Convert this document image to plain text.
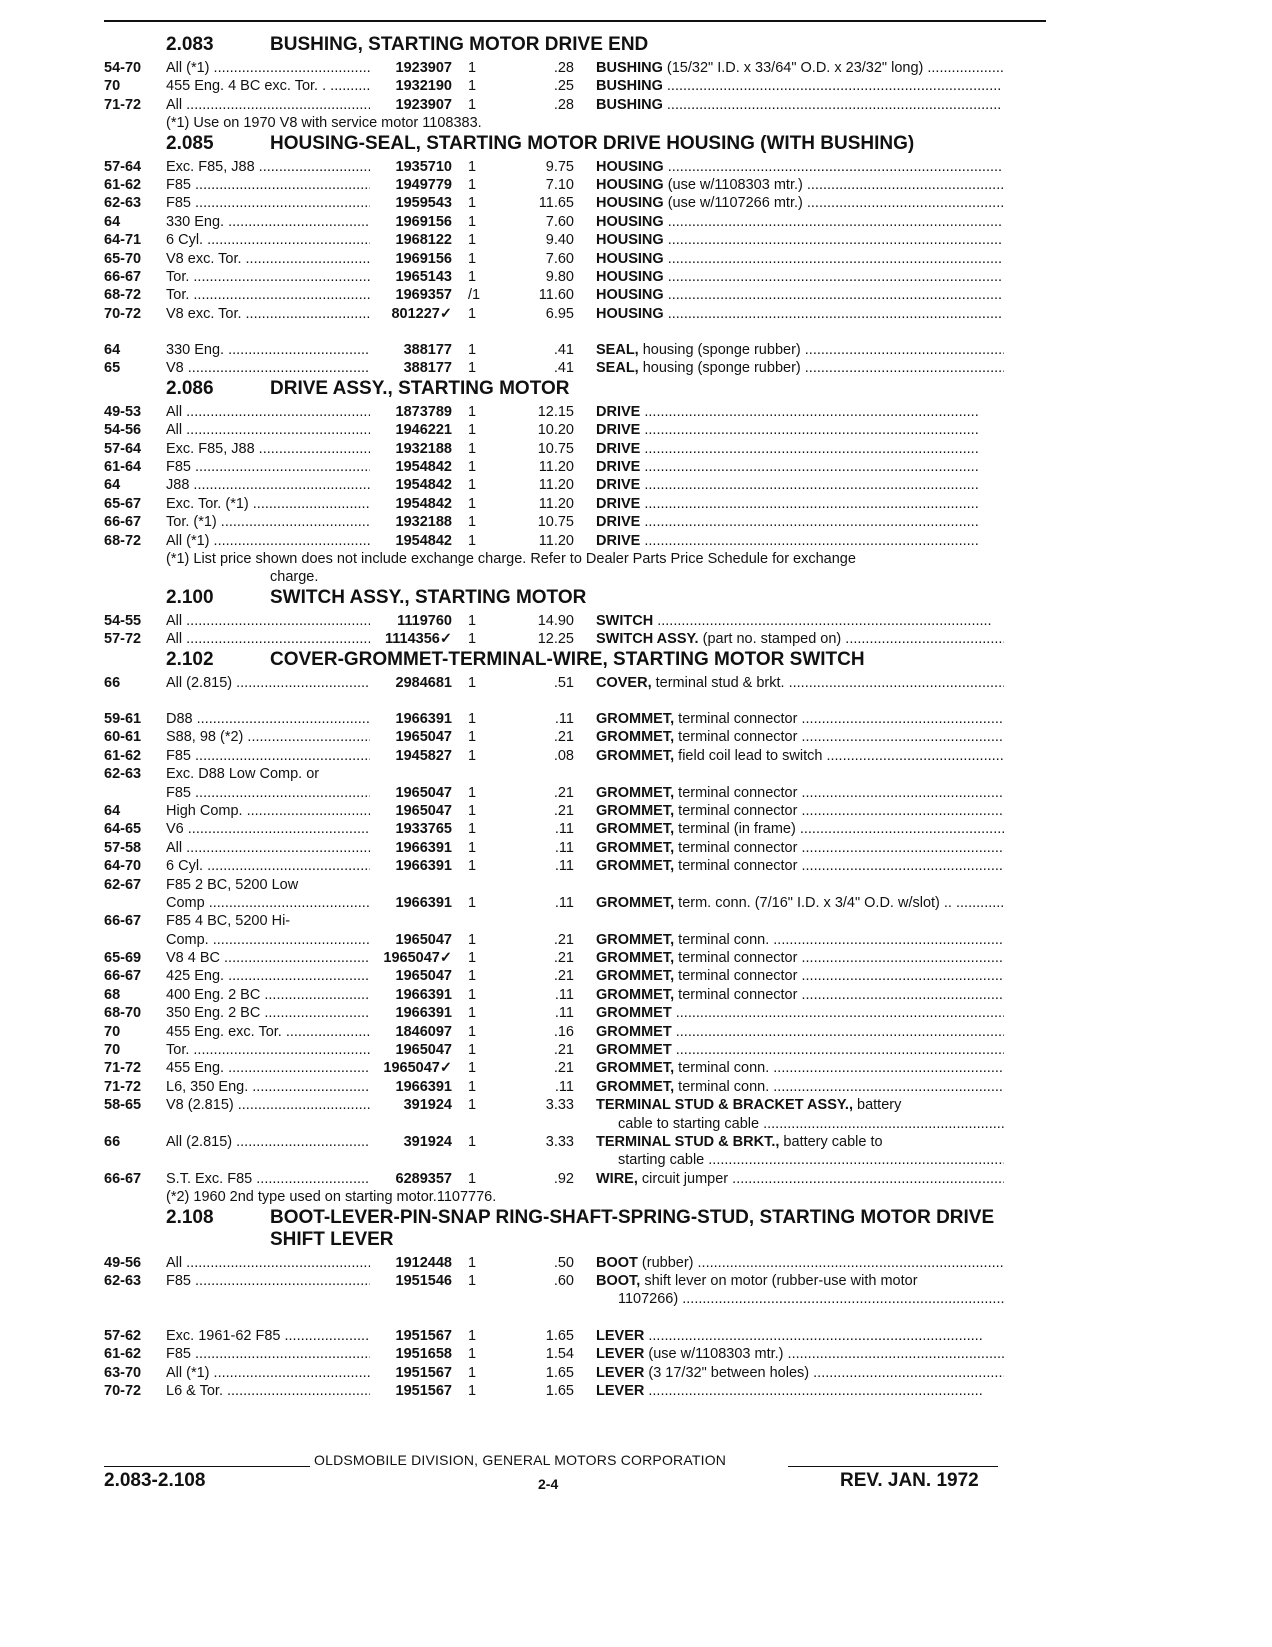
2.083	BUSHING, STARTING MOTOR DRIVE END
54-70 All (*1) .....	1923907 1	.28 BUSHING (15/32" I.D. x 33/64" O.D. x 23/32" long) .....
70	455 Eng. 4 BC exc. Tor. . .....	1932190 1	.25 BUSHING .....
71-72 All .....	1923907 1	.28 BUSHING .....
(*1) Use on 1970 V8 with service motor 1108383.
2.085	HOUSING-SEAL, STARTING MOTOR DRIVE HOUSING (WITH BUSHING)
57-64 Exc. F85, J88 .....	1935710 1	9.75 HOUSING .....
61-62 F85 .....	1949779 1	7.10 HOUSING (use w/1108303 mtr.) .....
62-63 F85 .....	1959543 1	11.65 HOUSING (use w/1107266 mtr.) .....
64	330 Eng. .....	1969156 1	7.60 HOUSING .....
64-71 6 Cyl. .....	1968122 1	9.40 HOUSING .....
65-70 V8 exc. Tor. .....	1969156 1	7.60 HOUSING .....
66-67 Tor. .....	1965143 1	9.80 HOUSING .....
68-72 Tor. .....	1969357 /1	11.60 HOUSING .....
70-72 V8 exc. Tor. .....	801227✓ 1	6.95 HOUSING .....
64	330 Eng. .....	388177 1	.41 SEAL, housing (sponge rubber) .....
65	V8 .....	388177 1	.41 SEAL, housing (sponge rubber) .....
2.086	DRIVE ASSY., STARTING MOTOR
49-53 All .....	1873789 1	12.15 DRIVE .....
54-56 All .....	1946221 1	10.20 DRIVE .....
57-64 Exc. F85, J88 .....	1932188 1	10.75 DRIVE .....
61-64 F85 .....	1954842 1	11.20 DRIVE .....
64	J88 .....	1954842 1	11.20 DRIVE .....
65-67 Exc. Tor. (*1) .....	1954842 1	11.20 DRIVE .....
66-67 Tor. (*1) .....	1932188 1	10.75 DRIVE .....
68-72 All (*1) .....	1954842 1	11.20 DRIVE .....
(*1) List price shown does not include exchange charge. Refer to Dealer Parts Price Schedule for exchange
charge.
2.100	SWITCH ASSY., STARTING MOTOR
54-55 All .....	1119760 1	14.90 SWITCH .....
57-72 All .....	1114356✓ 1	12.25 SWITCH ASSY. (part no. stamped on) .....
2.102	COVER-GROMMET-TERMINAL-WIRE, STARTING MOTOR SWITCH
66	All (2.815) .....	2984681 1	.51 COVER, terminal stud & brkt. .....
59-61 D88 .....	1966391 1	.11 GROMMET, terminal connector .....
60-61 S88, 98 (*2) .....	1965047 1	.21 GROMMET, terminal connector .....
61-62 F85 .....	1945827 1	.08 GROMMET, field coil lead to switch .....
62-63 Exc. D88 Low Comp. or
F85 .....	1965047 1	.21 GROMMET, terminal connector .....
64	High Comp. .....	1965047 1	.21 GROMMET, terminal connector .....
64-65 V6 .....	1933765 1	.11 GROMMET, terminal (in frame) .....
57-58 All .....	1966391 1	.11 GROMMET, terminal connector .....
64-70 6 Cyl. .....	1966391 1	.11 GROMMET, terminal connector .....
62-67 F85 2 BC, 5200 Low
Comp .....	1966391 1	.11 GROMMET, term. conn. (7/16" I.D. x 3/4" O.D. w/slot) .. .....
66-67 F85 4 BC, 5200 Hi-
Comp. .....	1965047 1	.21 GROMMET, terminal conn. .....
65-69 V8 4 BC .....	1965047✓ 1	.21 GROMMET, terminal connector .....
66-67 425 Eng. .....	1965047 1	.21 GROMMET, terminal connector .....
68	400 Eng. 2 BC .....	1966391 1	.11 GROMMET, terminal connector .....
68-70 350 Eng. 2 BC .....	1966391 1	.11 GROMMET .....
70	455 Eng. exc. Tor. .....	1846097 1	.16 GROMMET .....
70	Tor. .....	1965047 1	.21 GROMMET .....
71-72 455 Eng. .....	1965047✓ 1	.21 GROMMET, terminal conn. .....
71-72 L6, 350 Eng. .....	1966391 1	.11 GROMMET, terminal conn. .....
58-65 V8 (2.815) .....	391924 1	3.33 TERMINAL STUD & BRACKET ASSY., battery
cable to starting cable .....
66	All (2.815) .....	391924 1	3.33 TERMINAL STUD & BRKT., battery cable to
starting cable .....
66-67 S.T. Exc. F85 .....	6289357 1	.92 WIRE, circuit jumper .....
(*2) 1960 2nd type used on starting motor.1107776.
2.108	BOOT-LEVER-PIN-SNAP RING-SHAFT-SPRING-STUD, STARTING MOTOR DRIVE SHIFT LEVER
49-56 All .....	1912448 1	.50 BOOT (rubber) .....
62-63 F85 .....	1951546 1	.60 BOOT, shift lever on motor (rubber-use with motor
1107266) .....
57-62 Exc. 1961-62 F85 .....	1951567 1	1.65 LEVER .....
61-62 F85 .....	1951658 1	1.54 LEVER (use w/1108303 mtr.) .....
63-70 All (*1) .....	1951567 1	1.65 LEVER (3 17/32" between holes) .....
70-72 L6 & Tor. .....	1951567 1	1.65 LEVER .....
OLDSMOBILE DIVISION, GENERAL MOTORS CORPORATION
2.083-2.108	2-4	REV. JAN. 1972
